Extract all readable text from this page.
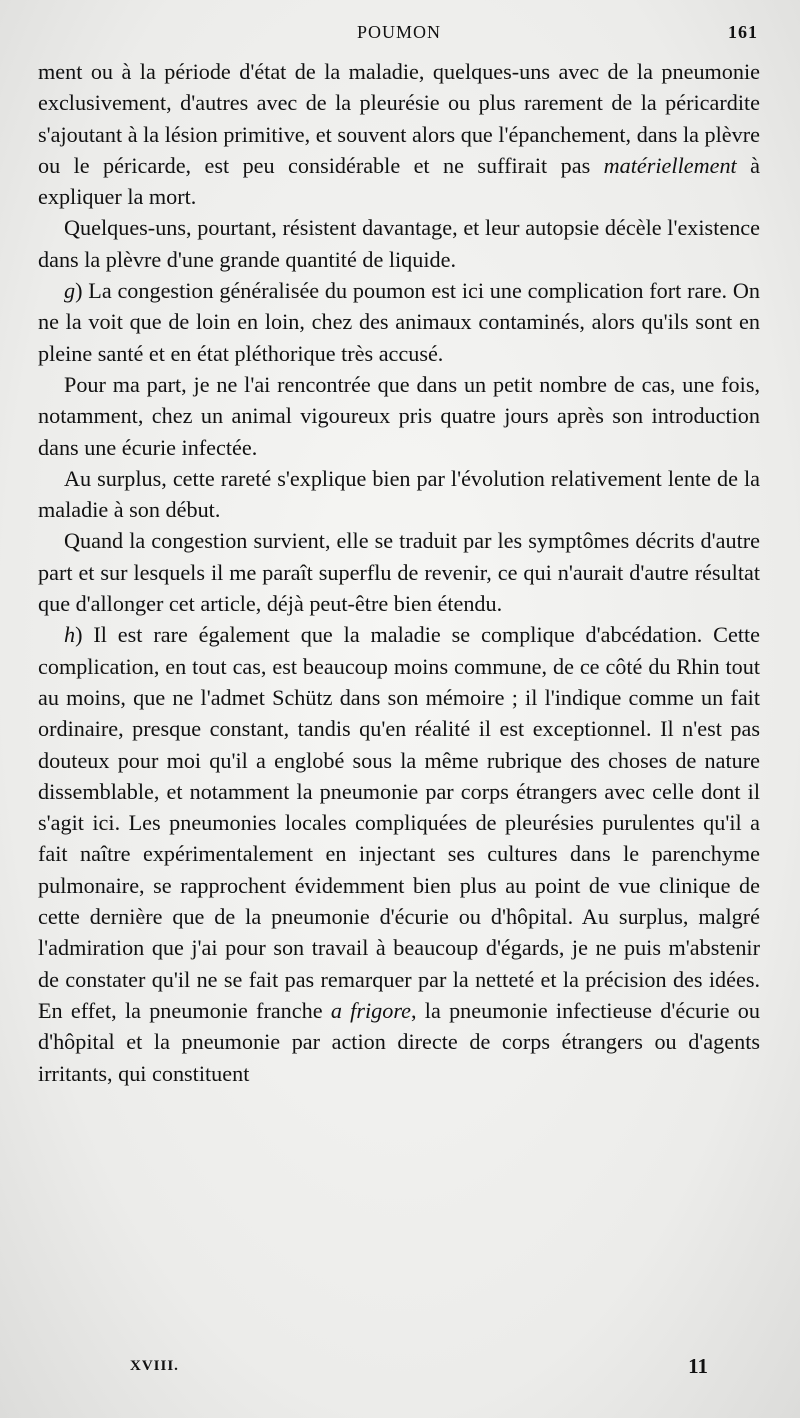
POUMON	161

ment ou à la période d'état de la maladie, quelques-uns avec de la pneumonie exclusivement, d'autres avec de la pleurésie ou plus rarement de la péricardite s'ajoutant à la lésion primitive, et souvent alors que l'épanchement, dans la plèvre ou le péricarde, est peu considérable et ne suffirait pas matériellement à expliquer la mort.

Quelques-uns, pourtant, résistent davantage, et leur autopsie décèle l'existence dans la plèvre d'une grande quantité de liquide.

g) La congestion généralisée du poumon est ici une complication fort rare. On ne la voit que de loin en loin, chez des animaux contaminés, alors qu'ils sont en pleine santé et en état pléthorique très accusé.

Pour ma part, je ne l'ai rencontrée que dans un petit nombre de cas, une fois, notamment, chez un animal vigoureux pris quatre jours après son introduction dans une écurie infectée.

Au surplus, cette rareté s'explique bien par l'évolution relativement lente de la maladie à son début.

Quand la congestion survient, elle se traduit par les symptômes décrits d'autre part et sur lesquels il me paraît superflu de revenir, ce qui n'aurait d'autre résultat que d'allonger cet article, déjà peut-être bien étendu.

h) Il est rare également que la maladie se complique d'abcédation. Cette complication, en tout cas, est beaucoup moins commune, de ce côté du Rhin tout au moins, que ne l'admet Schütz dans son mémoire ; il l'indique comme un fait ordinaire, presque constant, tandis qu'en réalité il est exceptionnel. Il n'est pas douteux pour moi qu'il a englobé sous la même rubrique des choses de nature dissemblable, et notamment la pneumonie par corps étrangers avec celle dont il s'agit ici. Les pneumonies locales compliquées de pleurésies purulentes qu'il a fait naître expérimentalement en injectant ses cultures dans le parenchyme pulmonaire, se rapprochent évidemment bien plus au point de vue clinique de cette dernière que de la pneumonie d'écurie ou d'hôpital. Au surplus, malgré l'admiration que j'ai pour son travail à beaucoup d'égards, je ne puis m'abstenir de constater qu'il ne se fait pas remarquer par la netteté et la précision des idées. En effet, la pneumonie franche a frigore, la pneumonie infectieuse d'écurie ou d'hôpital et la pneumonie par action directe de corps étrangers ou d'agents irritants, qui constituent

XVIII.	11
